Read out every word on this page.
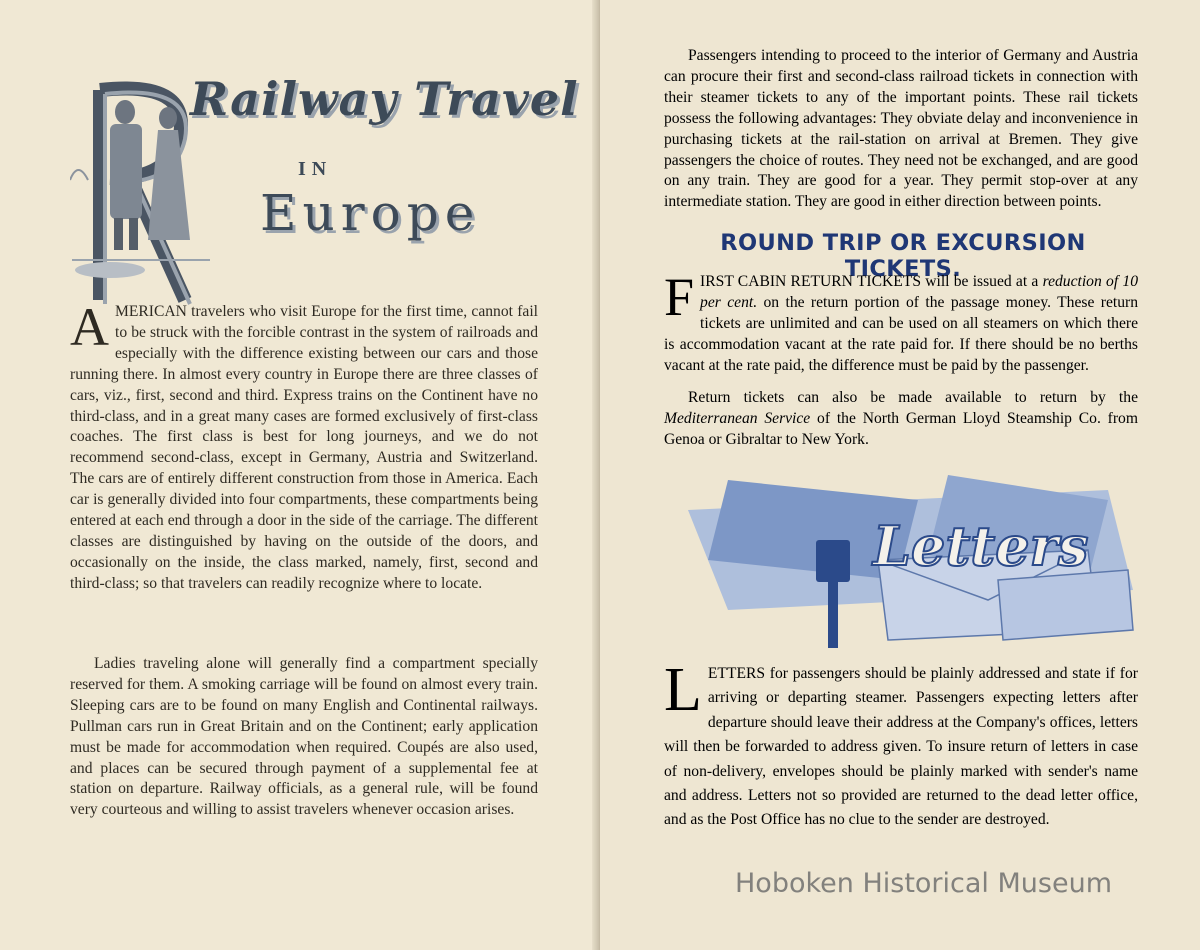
Railway Travel
IN
Europe
AMERICAN travelers who visit Europe for the first time, cannot fail to be struck with the forcible contrast in the system of railroads and especially with the difference existing between our cars and those running there. In almost every country in Europe there are three classes of cars, viz., first, second and third. Express trains on the Continent have no third-class, and in a great many cases are formed exclusively of first-class coaches. The first class is best for long journeys, and we do not recommend second-class, except in Germany, Austria and Switzerland. The cars are of entirely different construction from those in America. Each car is generally divided into four compartments, these compartments being entered at each end through a door in the side of the carriage. The different classes are distinguished by having on the outside of the doors, and occasionally on the inside, the class marked, namely, first, second and third-class; so that travelers can readily recognize where to locate.
Ladies traveling alone will generally find a compartment specially reserved for them. A smoking carriage will be found on almost every train. Sleeping cars are to be found on many English and Continental railways. Pullman cars run in Great Britain and on the Continent; early application must be made for accommodation when required. Coupés are also used, and places can be secured through payment of a supplemental fee at station on departure. Railway officials, as a general rule, will be found very courteous and willing to assist travelers whenever occasion arises.
Passengers intending to proceed to the interior of Germany and Austria can procure their first and second-class railroad tickets in connection with their steamer tickets to any of the important points. These rail tickets possess the following advantages: They obviate delay and inconvenience in purchasing tickets at the rail-station on arrival at Bremen. They give passengers the choice of routes. They need not be exchanged, and are good on any train. They are good for a year. They permit stop-over at any intermediate station. They are good in either direction between points.
ROUND TRIP OR EXCURSION TICKETS.
FIRST CABIN RETURN TICKETS will be issued at a reduction of 10 per cent. on the return portion of the passage money. These return tickets are unlimited and can be used on all steamers on which there is accommodation vacant at the rate paid for. If there should be no berths vacant at the rate paid, the difference must be paid by the passenger.
Return tickets can also be made available to return by the Mediterranean Service of the North German Lloyd Steamship Co. from Genoa or Gibraltar to New York.
Letters
LETTERS for passengers should be plainly addressed and state if for arriving or departing steamer. Passengers expecting letters after departure should leave their address at the Company's offices, letters will then be forwarded to address given. To insure return of letters in case of non-delivery, envelopes should be plainly marked with sender's name and address. Letters not so provided are returned to the dead letter office, and as the Post Office has no clue to the sender are destroyed.
Hoboken Historical Museum
